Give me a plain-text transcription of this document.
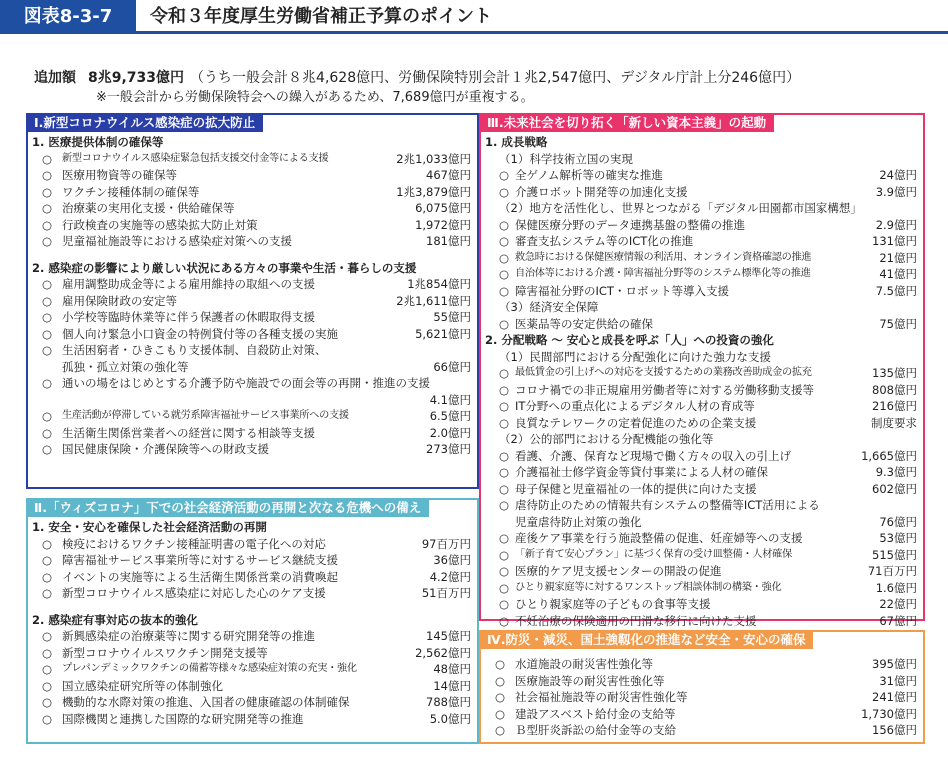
図表8-3-7	令和３年度厚生労働省補正予算のポイント
追加額 8兆9,733億円 （うち一般会計８兆4,628億円、労働保険特別会計１兆2,547億円、デジタル庁計上分246億円）
※一般会計から労働保険特会への繰入があるため、7,689億円が重複する。
Ⅰ.新型コロナウイルス感染症の拡大防止
1. 医療提供体制の確保等
○ 新型コロナウイルス感染症緊急包括支援交付金等による支援	2兆1,033億円
○ 医療用物資等の確保等	467億円
○ ワクチン接種体制の確保等	1兆3,879億円
○ 治療薬の実用化支援・供給確保等	6,075億円
○ 行政検査の実施等の感染拡大防止対策	1,972億円
○ 児童福祉施設等における感染症対策への支援	181億円
2. 感染症の影響により厳しい状況にある方々の事業や生活・暮らしの支援
○ 雇用調整助成金等による雇用維持の取組への支援	1兆854億円
○ 雇用保険財政の安定等	2兆1,611億円
○ 小学校等臨時休業等に伴う保護者の休暇取得支援	55億円
○ 個人向け緊急小口資金の特例貸付等の各種支援の実施	5,621億円
○ 生活困窮者・ひきこもり支援体制、自殺防止対策、
孤独・孤立対策の強化等	66億円
○ 通いの場をはじめとする介護予防や施設での面会等の再開・推進の支援
4.1億円
○ 生産活動が停滞している就労系障害福祉サービス事業所への支援	6.5億円
○ 生活衛生関係営業者への経営に関する相談等支援	2.0億円
○ 国民健康保険・介護保険等への財政支援	273億円
Ⅱ.「ウィズコロナ」下での社会経済活動の再開と次なる危機への備え
1. 安全・安心を確保した社会経済活動の再開
○ 検疫におけるワクチン接種証明書の電子化への対応	97百万円
○ 障害福祉サービス事業所等に対するサービス継続支援	36億円
○ イベントの実施等による生活衛生関係営業の消費喚起	4.2億円
○ 新型コロナウイルス感染症に対応した心のケア支援	51百万円
2. 感染症有事対応の抜本的強化
○ 新興感染症の治療薬等に関する研究開発等の推進	145億円
○ 新型コロナウイルスワクチン開発支援等	2,562億円
○ プレパンデミックワクチンの備蓄等様々な感染症対策の充実・強化	48億円
○ 国立感染症研究所等の体制強化	14億円
○ 機動的な水際対策の推進、入国者の健康確認の体制確保	788億円
○ 国際機関と連携した国際的な研究開発等の推進	5.0億円
Ⅲ.未来社会を切り拓く「新しい資本主義」の起動
1. 成長戦略
（1）科学技術立国の実現
○ 全ゲノム解析等の確実な推進	24億円
○ 介護ロボット開発等の加速化支援	3.9億円
（2）地方を活性化し、世界とつながる「デジタル田園都市国家構想」
○ 保健医療分野のデータ連携基盤の整備の推進	2.9億円
○ 審査支払システム等のICT化の推進	131億円
○ 救急時における保健医療情報の利活用、オンライン資格確認の推進	21億円
○ 自治体等における介護・障害福祉分野等のシステム標準化等の推進	41億円
○ 障害福祉分野のICT・ロボット等導入支援	7.5億円
（3）経済安全保障
○ 医薬品等の安定供給の確保	75億円
2. 分配戦略 ～ 安心と成長を呼ぶ「人」への投資の強化
（1）民間部門における分配強化に向けた強力な支援
○ 最低賃金の引上げへの対応を支援するための業務改善助成金の拡充	135億円
○ コロナ禍での非正規雇用労働者等に対する労働移動支援等	808億円
○ IT分野への重点化によるデジタル人材の育成等	216億円
○ 良質なテレワークの定着促進のための企業支援	制度要求
（2）公的部門における分配機能の強化等
○ 看護、介護、保育など現場で働く方々の収入の引上げ	1,665億円
○ 介護福祉士修学資金等貸付事業による人材の確保	9.3億円
○ 母子保健と児童福祉の一体的提供に向けた支援	602億円
○ 虐待防止のための情報共有システムの整備等ICT活用による
児童虐待防止対策の強化	76億円
○ 産後ケア事業を行う施設整備の促進、妊産婦等への支援	53億円
○ 「新子育て安心プラン」に基づく保育の受け皿整備・人材確保	515億円
○ 医療的ケア児支援センターの開設の促進	71百万円
○ ひとり親家庭等に対するワンストップ相談体制の構築・強化	1.6億円
○ ひとり親家庭等の子どもの食事等支援	22億円
○ 不妊治療の保険適用の円滑な移行に向けた支援	67億円
Ⅳ.防災・減災、国土強靱化の推進など安全・安心の確保
○ 水道施設の耐災害性強化等	395億円
○ 医療施設等の耐災害性強化等	31億円
○ 社会福祉施設等の耐災害性強化等	241億円
○ 建設アスベスト給付金の支給等	1,730億円
○ Ｂ型肝炎訴訟の給付金等の支給	156億円
